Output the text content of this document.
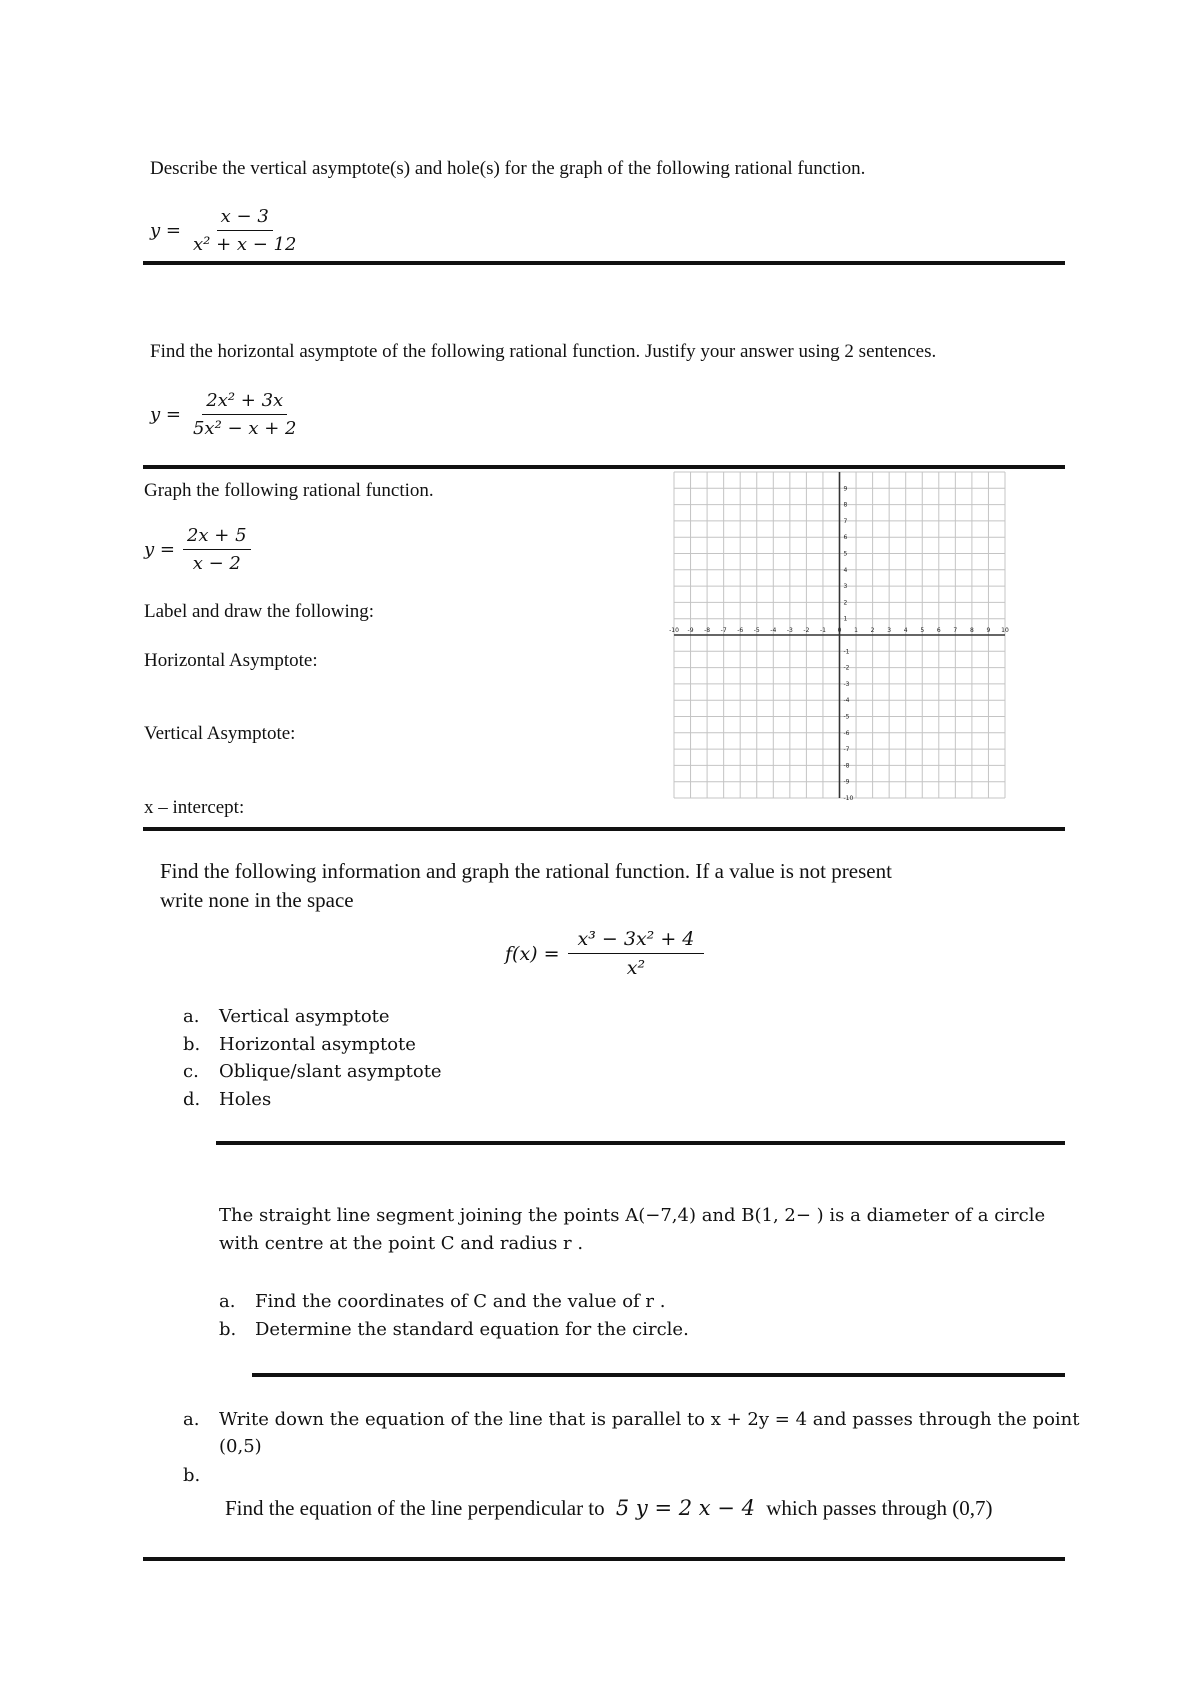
Describe the vertical asymptote(s) and hole(s) for the graph of the following rational function.
$y = \frac{x - 3}{\text{x² + x − 12}}$
Find the horizontal asymptote of the following rational function. Justify your answer using 2 sentences.
$y = \frac{\text{2x² + 3x}}{\text{5x² − x + 2}}$
Graph the following rational function.
$y = \frac{2x + 5}{x - 2}$
Label and draw the following:
Horizontal Asymptote:
Vertical Asymptote:
x – intercept:
-10 -9 -8 -7 -6 -5 -4 -3 -2 -1 0 1 2 3 4 5 6 7 8 9 10
9
8
7
6
5
4
3
2
1
-1
-2
-3
-4
-5
-6
-7
-8
-9
-10
Find the following information and graph the rational function. If a value is not present
write none in the space
$f(x) = \frac{\text{x³ − 3x² + 4}}{\text{x²}}$
a. Vertical asymptote
b. Horizontal asymptote
c. Oblique/slant asymptote
d. Holes
The straight line segment joining the points A(−7,4) and B(1, 2− ) is a diameter of a circle
with centre at the point C and radius r .
a. Find the coordinates of C and the value of r .
b. Determine the standard equation for the circle.
a. Write down the equation of the line that is parallel to x + 2y = 4 and passes through the point
(0,5)
b.
Find the equation of the line perpendicular to 5 y = 2 x − 4 which passes through (0,7)
